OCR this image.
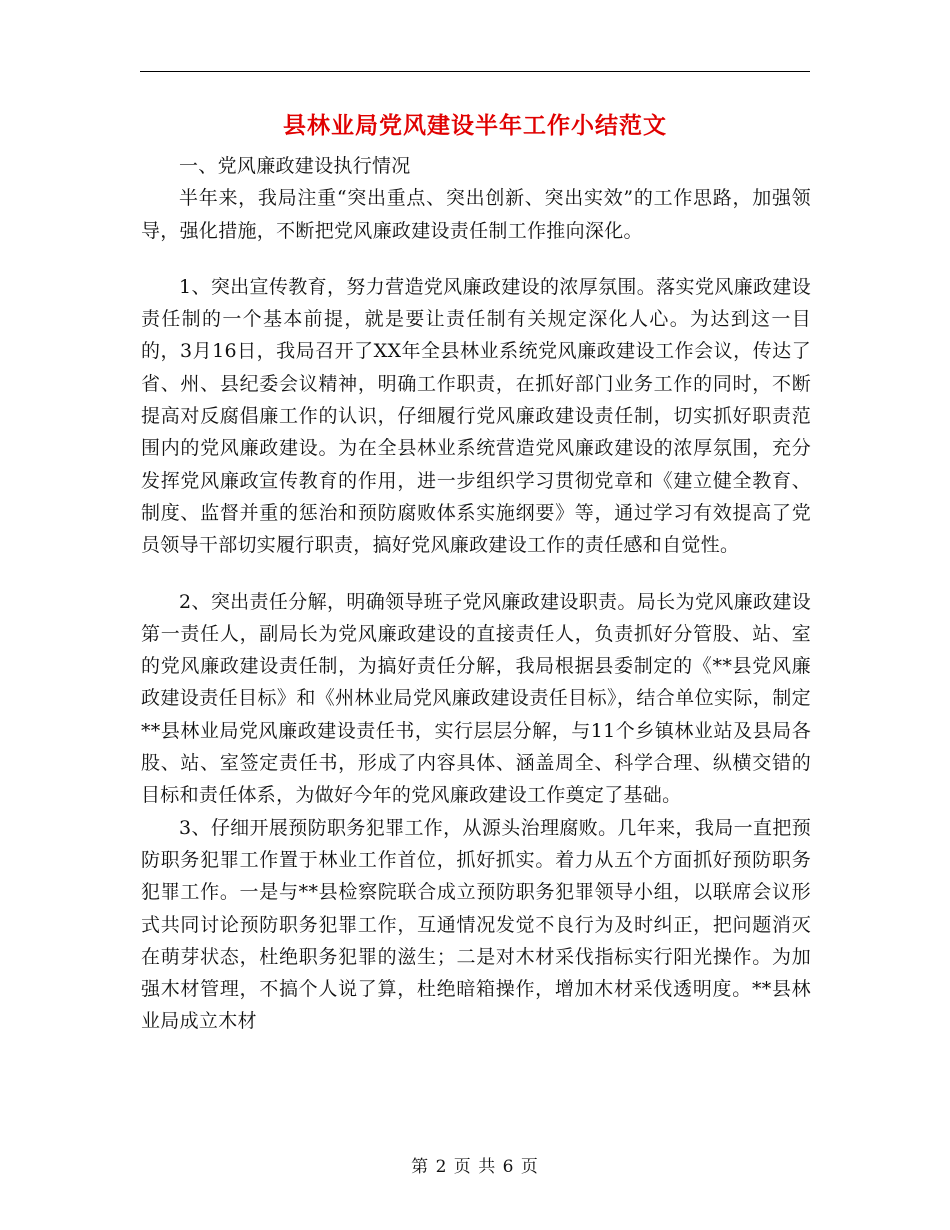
县林业局党风建设半年工作小结范文

一、党风廉政建设执行情况

半年来，我局注重“突出重点、突出创新、突出实效”的工作思路，加强领导，强化措施，不断把党风廉政建设责任制工作推向深化。

1、突出宣传教育，努力营造党风廉政建设的浓厚氛围。落实党风廉政建设责任制的一个基本前提，就是要让责任制有关规定深化人心。为达到这一目的，3月16日，我局召开了XX年全县林业系统党风廉政建设工作会议，传达了省、州、县纪委会议精神，明确工作职责，在抓好部门业务工作的同时，不断提高对反腐倡廉工作的认识，仔细履行党风廉政建设责任制，切实抓好职责范围内的党风廉政建设。为在全县林业系统营造党风廉政建设的浓厚氛围，充分发挥党风廉政宣传教育的作用，进一步组织学习贯彻党章和《建立健全教育、制度、监督并重的惩治和预防腐败体系实施纲要》等，通过学习有效提高了党员领导干部切实履行职责，搞好党风廉政建设工作的责任感和自觉性。

2、突出责任分解，明确领导班子党风廉政建设职责。局长为党风廉政建设第一责任人，副局长为党风廉政建设的直接责任人，负责抓好分管股、站、室的党风廉政建设责任制，为搞好责任分解，我局根据县委制定的《**县党风廉政建设责任目标》和《州林业局党风廉政建设责任目标》，结合单位实际，制定**县林业局党风廉政建设责任书，实行层层分解，与11个乡镇林业站及县局各股、站、室签定责任书，形成了内容具体、涵盖周全、科学合理、纵横交错的目标和责任体系，为做好今年的党风廉政建设工作奠定了基础。

3、仔细开展预防职务犯罪工作，从源头治理腐败。几年来，我局一直把预防职务犯罪工作置于林业工作首位，抓好抓实。着力从五个方面抓好预防职务犯罪工作。一是与**县检察院联合成立预防职务犯罪领导小组，以联席会议形式共同讨论预防职务犯罪工作，互通情况发觉不良行为及时纠正，把问题消灭在萌芽状态，杜绝职务犯罪的滋生；二是对木材采伐指标实行阳光操作。为加强木材管理，不搞个人说了算，杜绝暗箱操作，增加木材采伐透明度。**县林业局成立木材

第 2 页 共 6 页
